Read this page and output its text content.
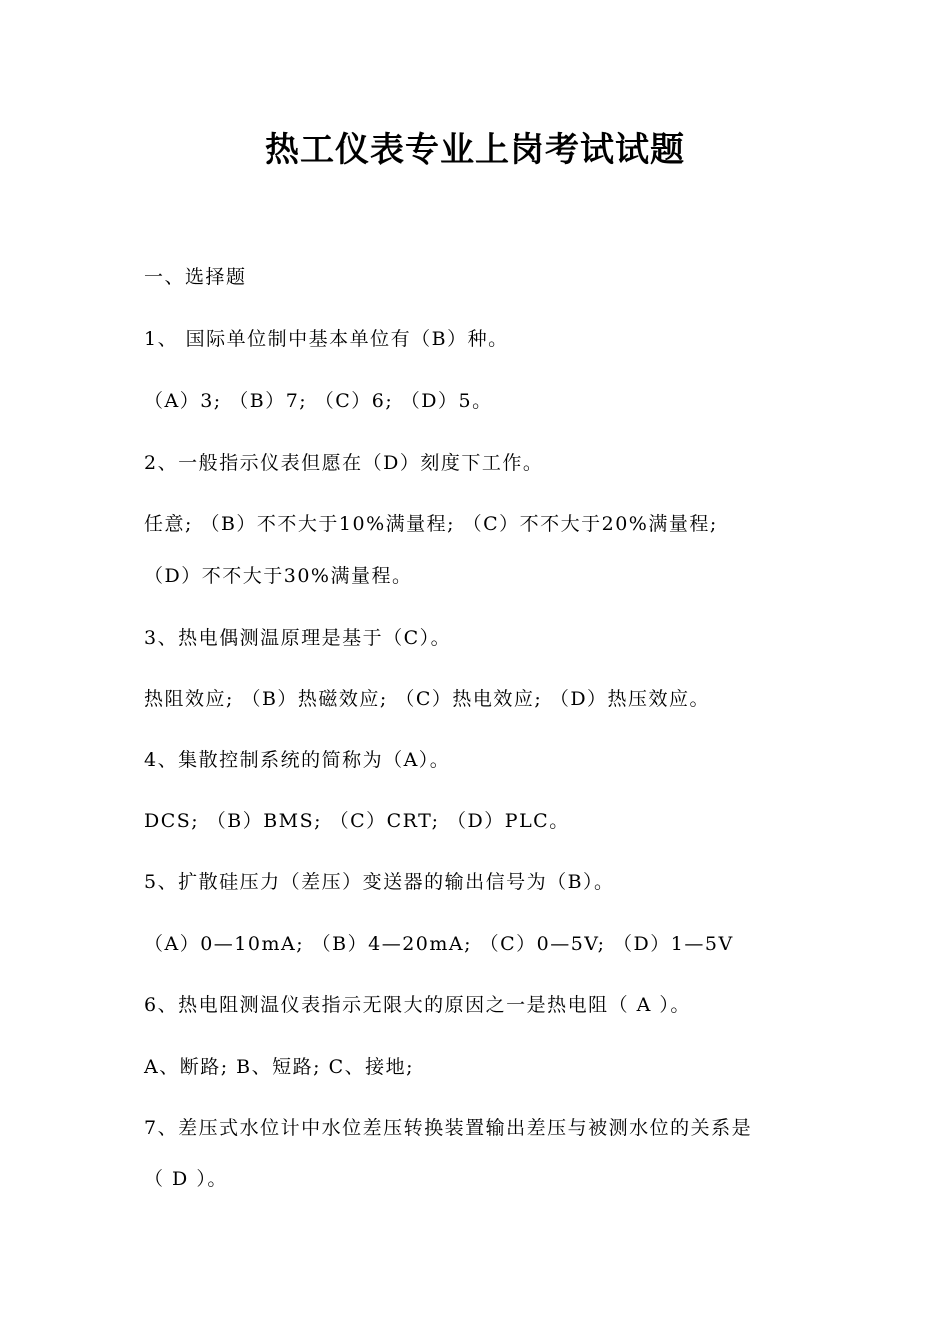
热工仪表专业上岗考试试题
一、选择题
1、 国际单位制中基本单位有（B）种。
（A）3; （B）7; （C）6; （D）5。
2、一般指示仪表但愿在（D）刻度下工作。
任意; （B）不不大于10%满量程; （C）不不大于20%满量程;
（D）不不大于30%满量程。
3、热电偶测温原理是基于（C）。
热阻效应; （B）热磁效应; （C）热电效应; （D）热压效应。
4、集散控制系统的简称为（A）。
DCS; （B）BMS; （C）CRT; （D）PLC。
5、扩散硅压力（差压）变送器的输出信号为（B）。
（A）0—10mA; （B）4—20mA; （C）0—5V; （D）1—5V
6、热电阻测温仪表指示无限大的原因之一是热电阻（ A ）。
A、断路; B、短路; C、接地;
7、差压式水位计中水位差压转换装置输出差压与被测水位的关系是
（ D ）。
